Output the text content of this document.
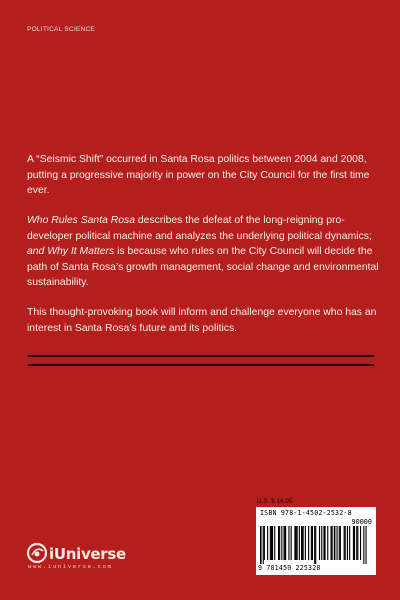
POLITICAL SCIENCE

A “Seismic Shift” occurred in Santa Rosa politics between 2004 and 2008, putting a progressive majority in power on the City Council for the first time ever.

Who Rules Santa Rosa describes the defeat of the long-reigning pro-developer political machine and analyzes the underlying political dynamics; and Why It Matters is because who rules on the City Council will decide the path of Santa Rosa’s growth management, social change and environmental sustainability.

This thought-provoking book will inform and challenge everyone who has an interest in Santa Rosa’s future and its politics.

U.S. $ 16.95
ISBN 978-1-4502-2532-8
90000
9 781450 225328
iUniverse
www.iuniverse.com
